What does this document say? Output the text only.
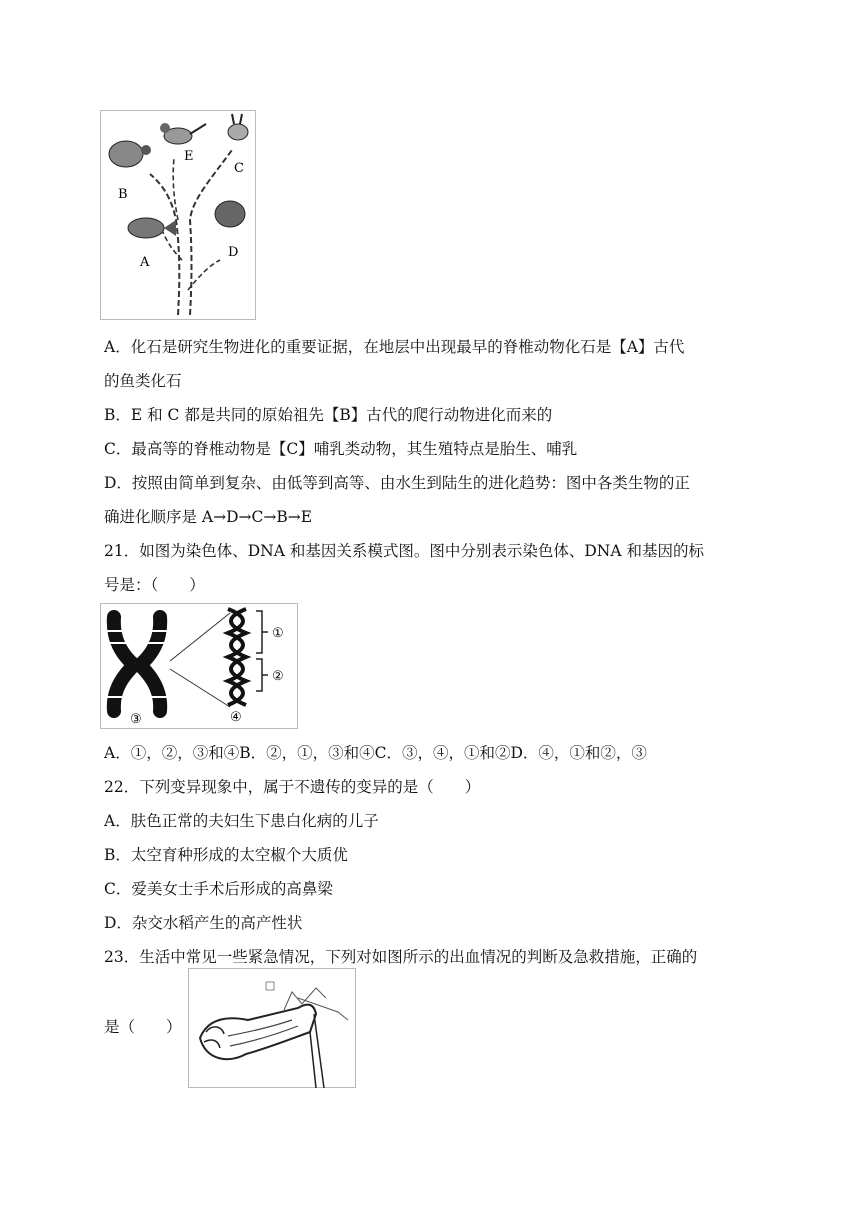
B
E
C
A
D
A．化石是研究生物进化的重要证据，在地层中出现最早的脊椎动物化石是【A】古代
的鱼类化石
B．E 和 C 都是共同的原始祖先【B】古代的爬行动物进化而来的
C．最高等的脊椎动物是【C】哺乳类动物，其生殖特点是胎生、哺乳
D．按照由简单到复杂、由低等到高等、由水生到陆生的进化趋势：图中各类生物的正
确进化顺序是 A→D→C→B→E
21．如图为染色体、DNA 和基因关系模式图。图中分别表示染色体、DNA 和基因的标
号是：（　　）
①
②
③	④
A．①，②，③和④B．②，①，③和④C．③，④，①和②D．④，①和②，③
22．下列变异现象中，属于不遗传的变异的是（　　）
A．肤色正常的夫妇生下患白化病的儿子
B．太空育种形成的太空椒个大质优
C．爱美女士手术后形成的高鼻梁
D．杂交水稻产生的高产性状
23．生活中常见一些紧急情况，下列对如图所示的出血情况的判断及急救措施，正确的
是（　　）
